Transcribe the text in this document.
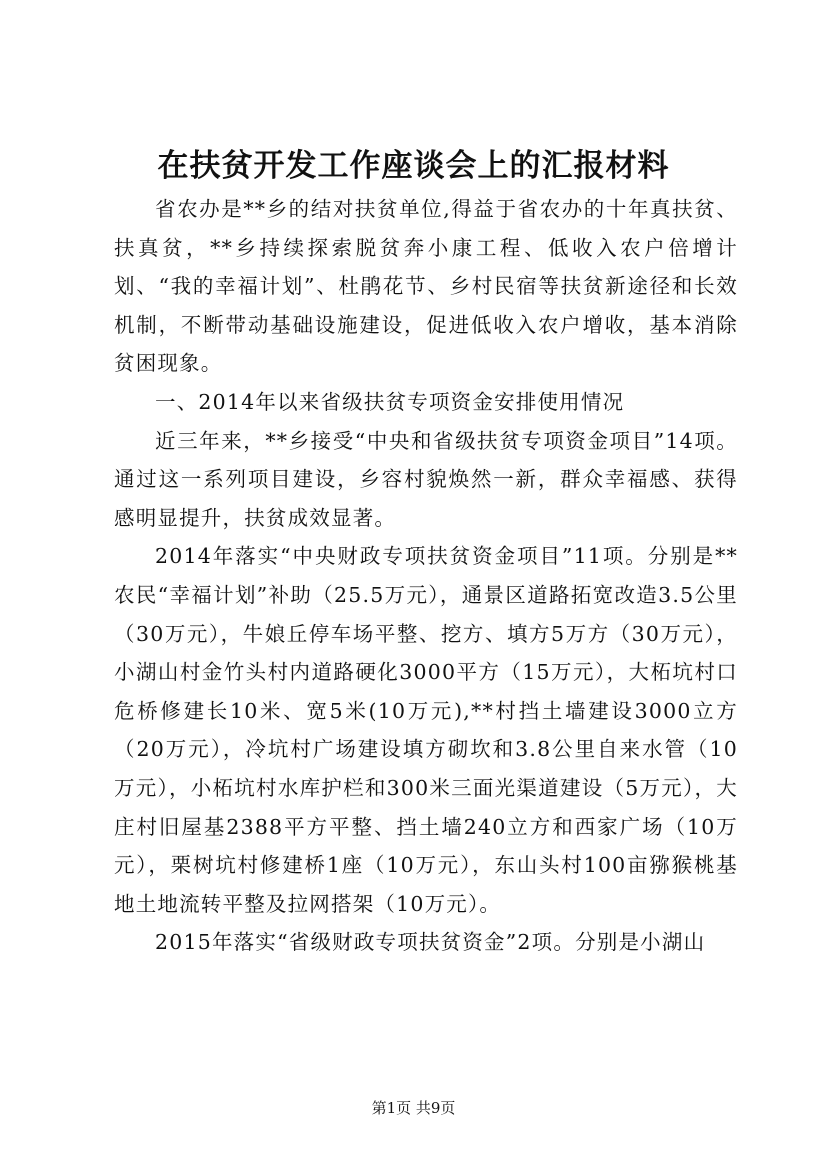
在扶贫开发工作座谈会上的汇报材料

省农办是**乡的结对扶贫单位,得益于省农办的十年真扶贫、扶真贫，**乡持续探索脱贫奔小康工程、低收入农户倍增计划、“我的幸福计划”、杜鹃花节、乡村民宿等扶贫新途径和长效机制，不断带动基础设施建设，促进低收入农户增收，基本消除贫困现象。

一、2014年以来省级扶贫专项资金安排使用情况

近三年来，**乡接受“中央和省级扶贫专项资金项目”14项。通过这一系列项目建设，乡容村貌焕然一新，群众幸福感、获得感明显提升，扶贫成效显著。

2014年落实“中央财政专项扶贫资金项目”11项。分别是**农民“幸福计划”补助（25.5万元），通景区道路拓宽改造3.5公里（30万元），牛娘丘停车场平整、挖方、填方5万方（30万元），小湖山村金竹头村内道路硬化3000平方（15万元），大柘坑村口危桥修建长10米、宽5米(10万元),**村挡土墙建设3000立方（20万元），冷坑村广场建设填方砌坎和3.8公里自来水管（10万元），小柘坑村水库护栏和300米三面光渠道建设（5万元），大庄村旧屋基2388平方平整、挡土墙240立方和西家广场（10万元），栗树坑村修建桥1座（10万元），东山头村100亩猕猴桃基地土地流转平整及拉网搭架（10万元）。

2015年落实“省级财政专项扶贫资金”2项。分别是小湖山

第1页 共9页
